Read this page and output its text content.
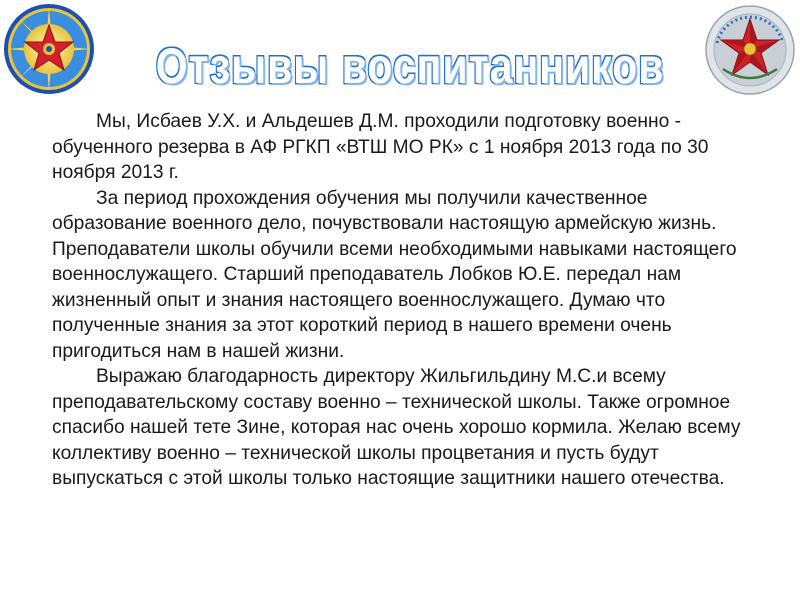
Отзывы воспитанников

Мы, Исбаев У.Х. и Альдешев Д.М. проходили подготовку военно - обученного резерва в АФ РГКП «ВТШ МО РК» с 1 ноября 2013 года по 30 ноября 2013 г.

За период прохождения обучения мы получили качественное образование военного дело, почувствовали настоящую армейскую жизнь. Преподаватели школы обучили всеми необходимыми навыками настоящего военнослужащего. Старший преподаватель Лобков Ю.Е. передал нам жизненный опыт и знания настоящего военнослужащего. Думаю что полученные знания за этот короткий период в нашего времени очень пригодиться нам в нашей жизни.

Выражаю благодарность директору Жильгильдину М.С.и всему преподавательскому составу военно – технической школы. Также огромное спасибо нашей тете Зине, которая нас очень хорошо кормила. Желаю всему коллективу военно – технической школы процветания и пусть будут выпускаться с этой школы только настоящие защитники нашего отечества.
